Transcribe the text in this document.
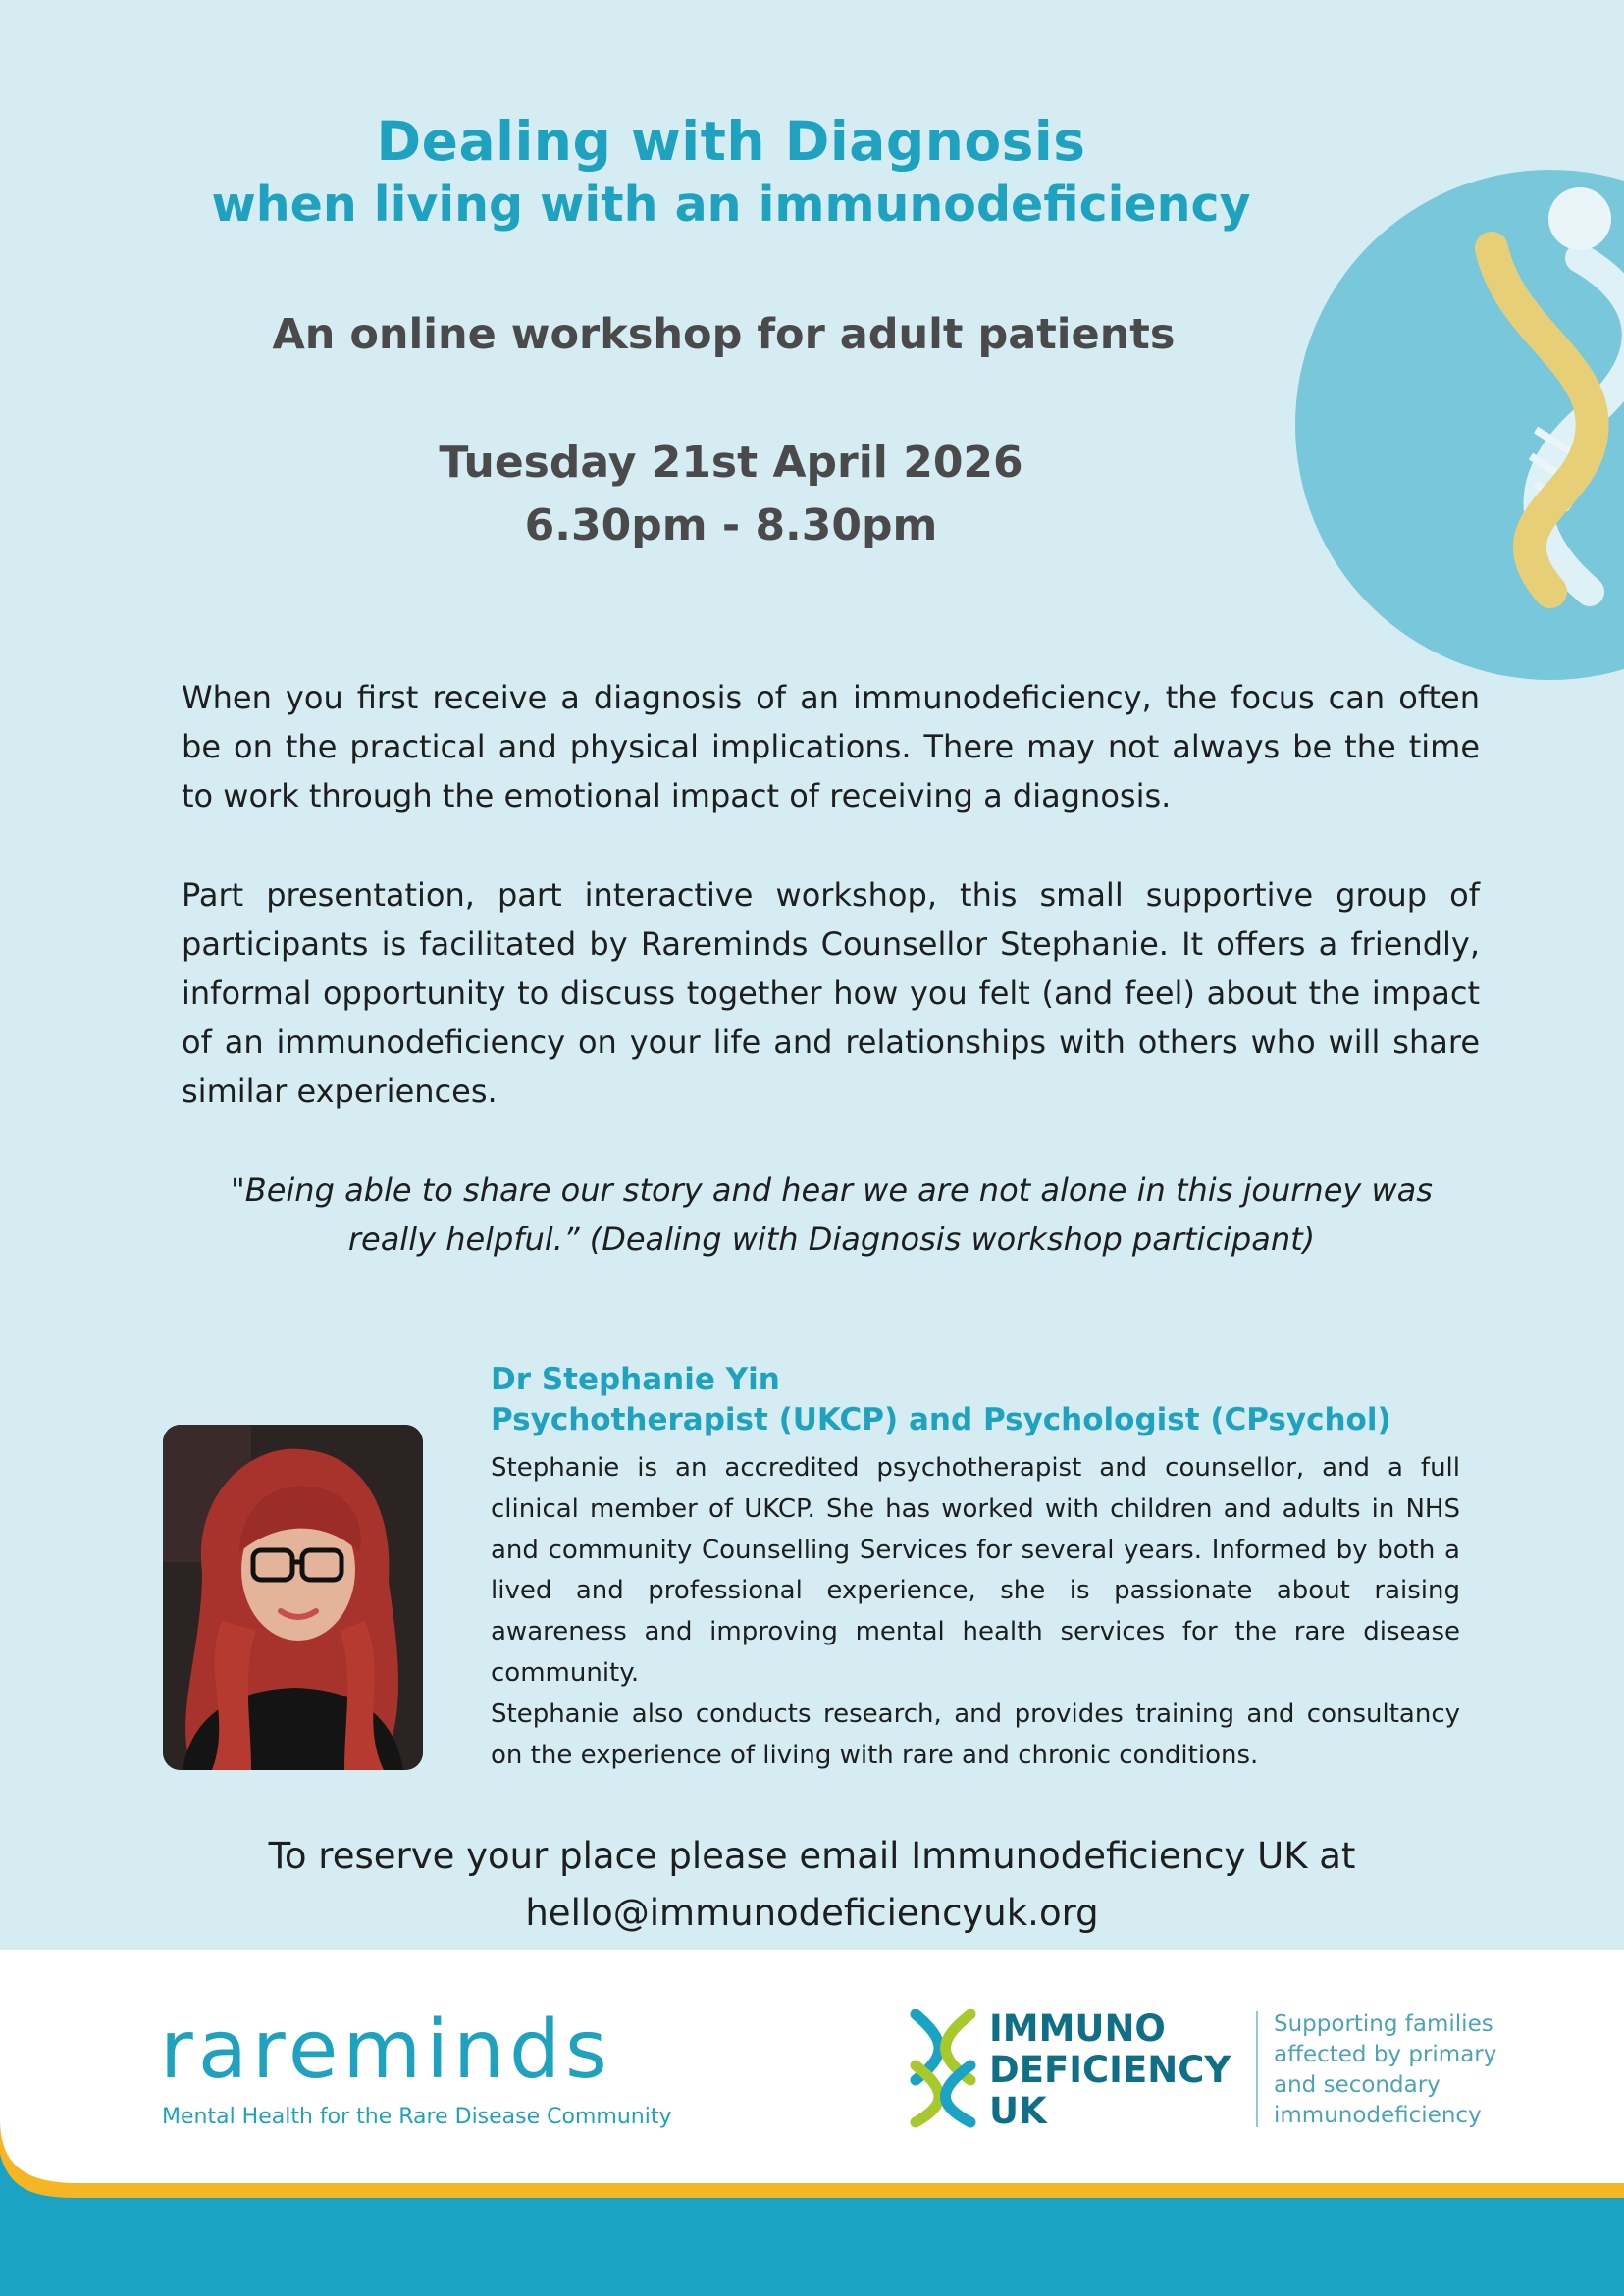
Dealing with Diagnosis
when living with an immunodeficiency
An online workshop for adult patients
Tuesday 21st April 2026
6.30pm - 8.30pm
When you first receive a diagnosis of an immunodeficiency, the focus can often be on the practical and physical implications. There may not always be the time to work through the emotional impact of receiving a diagnosis.
Part presentation, part interactive workshop, this small supportive group of participants is facilitated by Rareminds Counsellor Stephanie. It offers a friendly, informal opportunity to discuss together how you felt (and feel) about the impact of an immunodeficiency on your life and relationships with others who will share similar experiences.
"Being able to share our story and hear we are not alone in this journey was really helpful.” (Dealing with Diagnosis workshop participant)
Dr Stephanie Yin
Psychotherapist (UKCP) and Psychologist (CPsychol)

Stephanie is an accredited psychotherapist and counsellor, and a full clinical member of UKCP. She has worked with children and adults in NHS and community Counselling Services for several years. Informed by both a lived and professional experience, she is passionate about raising awareness and improving mental health services for the rare disease community.

Stephanie also conducts research, and provides training and consultancy on the experience of living with rare and chronic conditions.

To reserve your place please email Immunodeficiency UK at
hello@immunodeficiencyuk.org
rareminds
Mental Health for the Rare Disease Community
IMMUNO
DEFICIENCY
UK
Supporting families
affected by primary
and secondary
immunodeficiency
